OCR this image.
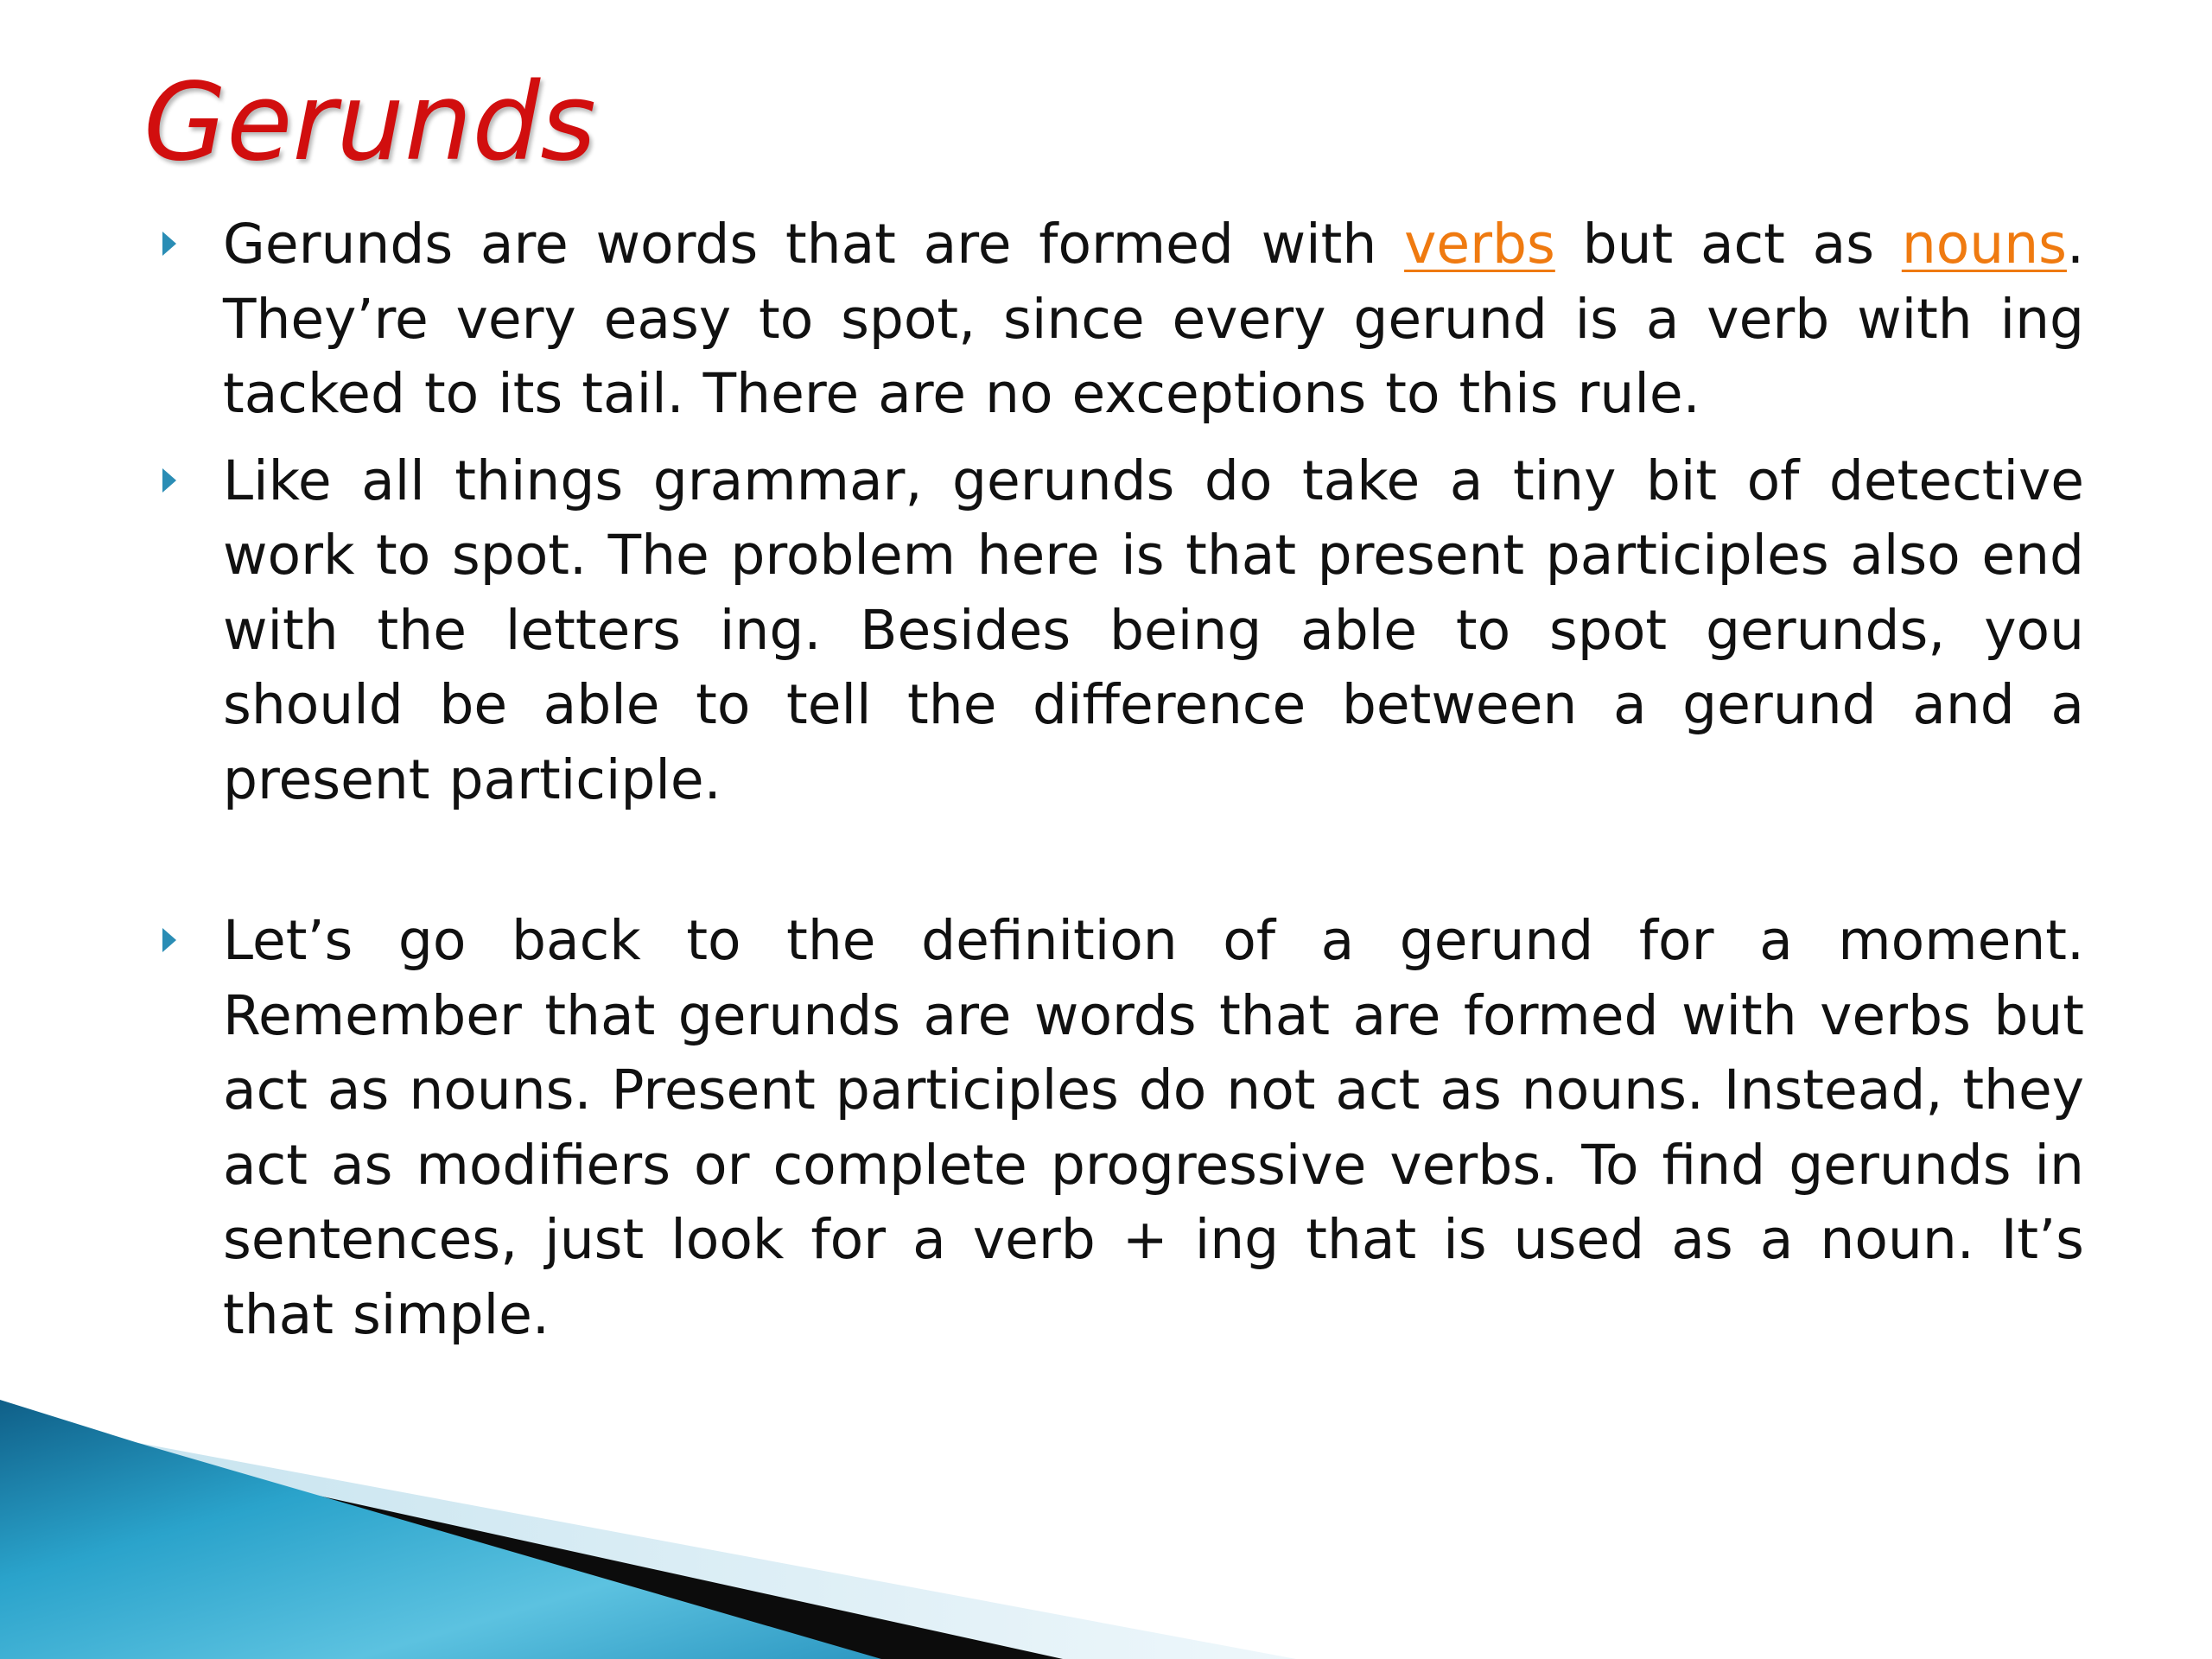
Gerunds
Gerunds are words that are formed with verbs but act as nouns. They’re very easy to spot, since every gerund is a verb with ing tacked to its tail. There are no exceptions to this rule.
Like all things grammar, gerunds do take a tiny bit of detective work to spot. The problem here is that present participles also end with the letters ing. Besides being able to spot gerunds, you should be able to tell the difference between a gerund and a present participle.
Let’s go back to the definition of a gerund for a moment. Remember that gerunds are words that are formed with verbs but act as nouns. Present participles do not act as nouns. Instead, they act as modifiers or complete progressive verbs. To find gerunds in sentences, just look for a verb + ing that is used as a noun. It’s that simple.
